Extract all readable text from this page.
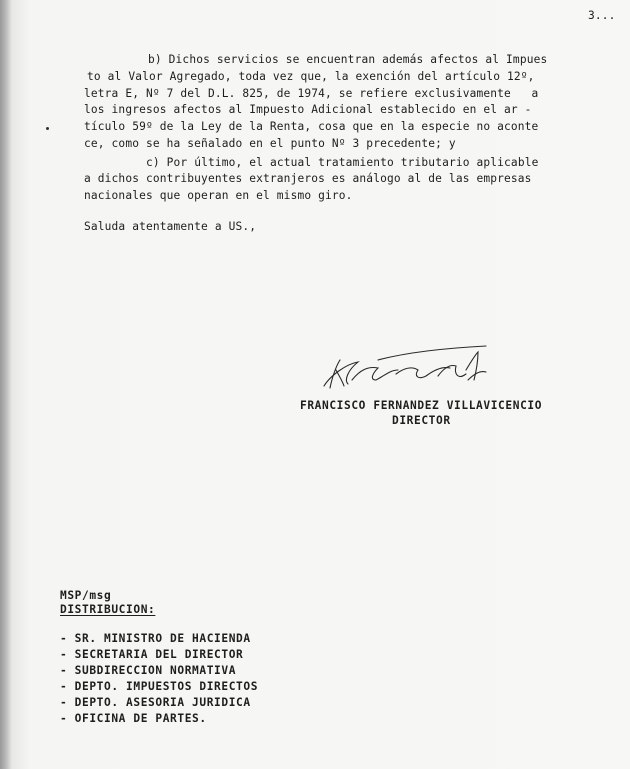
3...
b) Dichos servicios se encuentran además afectos al Impues
to al Valor Agregado, toda vez que, la exención del artículo 12º,
letra E, Nº 7 del D.L. 825, de 1974, se refiere exclusivamente   a
los ingresos afectos al Impuesto Adicional establecido en el ar -
tículo 59º de la Ley de la Renta, cosa que en la especie no aconte
ce, como se ha señalado en el punto Nº 3 precedente; y
c) Por último, el actual tratamiento tributario aplicable
a dichos contribuyentes extranjeros es análogo al de las empresas
nacionales que operan en el mismo giro.
Saluda atentamente a US.,
FRANCISCO FERNANDEZ VILLAVICENCIO
DIRECTOR
MSP/msg
DISTRIBUCION:
- SR. MINISTRO DE HACIENDA
- SECRETARIA DEL DIRECTOR
- SUBDIRECCION NORMATIVA
- DEPTO. IMPUESTOS DIRECTOS
- DEPTO. ASESORIA JURIDICA
- OFICINA DE PARTES.
